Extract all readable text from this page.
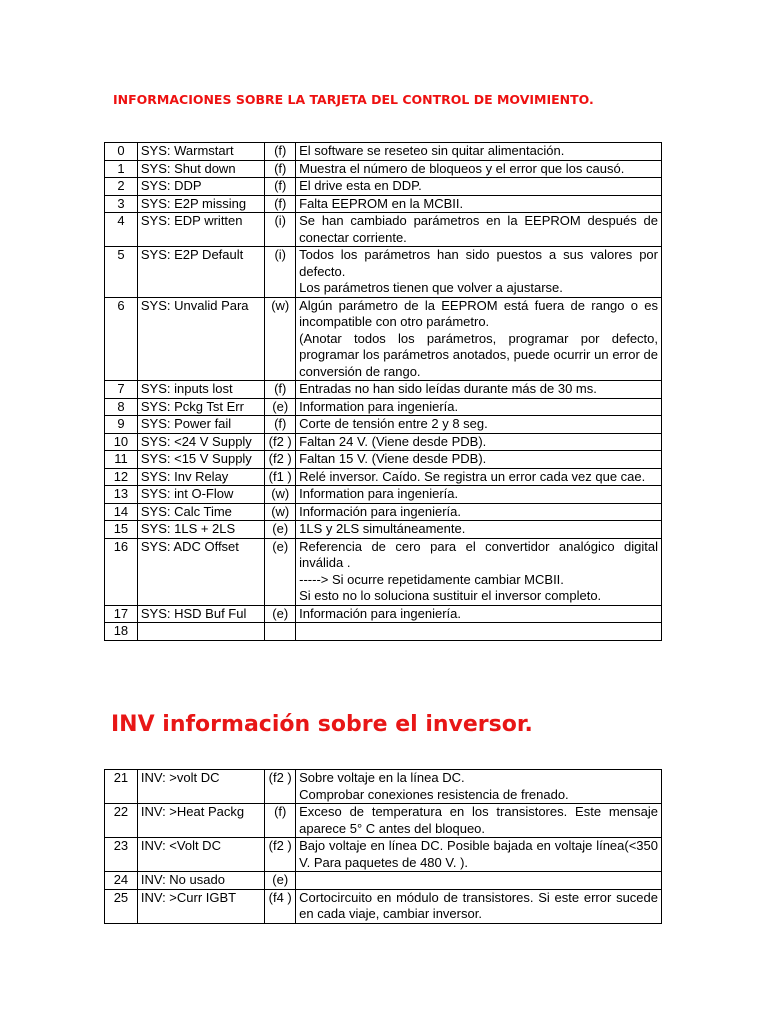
INFORMACIONES SOBRE LA TARJETA DEL CONTROL DE MOVIMIENTO.
0	SYS: Warmstart	(f)	El software se reseteo sin quitar alimentación.

1	SYS: Shut down	(f)	Muestra el número de bloqueos y el error que los causó.

2	SYS: DDP	(f)	El drive esta en DDP.

3	SYS: E2P missing	(f)	Falta EEPROM en la MCBII.

4	SYS: EDP written	(i)	Se han cambiado parámetros en la EEPROM después de conectar corriente.

5	SYS: E2P Default	(i)	Todos los parámetros han sido puestos a sus valores por defecto.
Los parámetros tienen que volver a ajustarse.

6	SYS: Unvalid Para	(w)	Algún parámetro de la EEPROM está fuera de rango o es incompatible con otro parámetro.
(Anotar todos los parámetros, programar por defecto, programar los parámetros anotados, puede ocurrir un error de conversión de rango.

7	SYS: inputs lost	(f)	Entradas no han sido leídas durante más de 30 ms.

8	SYS: Pckg Tst Err	(e)	Information para ingeniería.

9	SYS: Power fail	(f)	Corte de tensión entre 2 y 8 seg.

10	SYS: <24 V Supply	(f2 )	Faltan 24 V. (Viene desde PDB).

11	SYS: <15 V Supply	(f2 )	Faltan 15 V. (Viene desde PDB).

12	SYS: Inv Relay	(f1 )	Relé inversor. Caído. Se registra un error cada vez que cae.

13	SYS: int O-Flow	(w)	Information para ingeniería.

14	SYS: Calc Time	(w)	Información para ingeniería.

15	SYS: 1LS + 2LS	(e)	1LS y 2LS simultáneamente.

16	SYS: ADC Offset	(e)	Referencia de cero para el convertidor analógico digital inválida .
-----> Si ocurre repetidamente cambiar MCBII.
Si esto no lo soluciona sustituir el inversor completo.

17	SYS: HSD Buf Ful	(e)	Información para ingeniería.

18			
INV información sobre el inversor.
21	INV: >volt DC	(f2 )	Sobre voltaje en la línea DC.
Comprobar conexiones resistencia de frenado.

22	INV: >Heat Packg	(f)	Exceso de temperatura en los transistores. Este mensaje aparece 5° C antes del bloqueo.

23	INV: <Volt DC	(f2 )	Bajo voltaje en línea DC. Posible bajada en voltaje línea(<350 V. Para paquetes de 480 V. ).

24	INV: No usado	(e)	

25	INV: >Curr IGBT	(f4 )	Cortocircuito en módulo de transistores. Si este error sucede en cada viaje, cambiar inversor.
